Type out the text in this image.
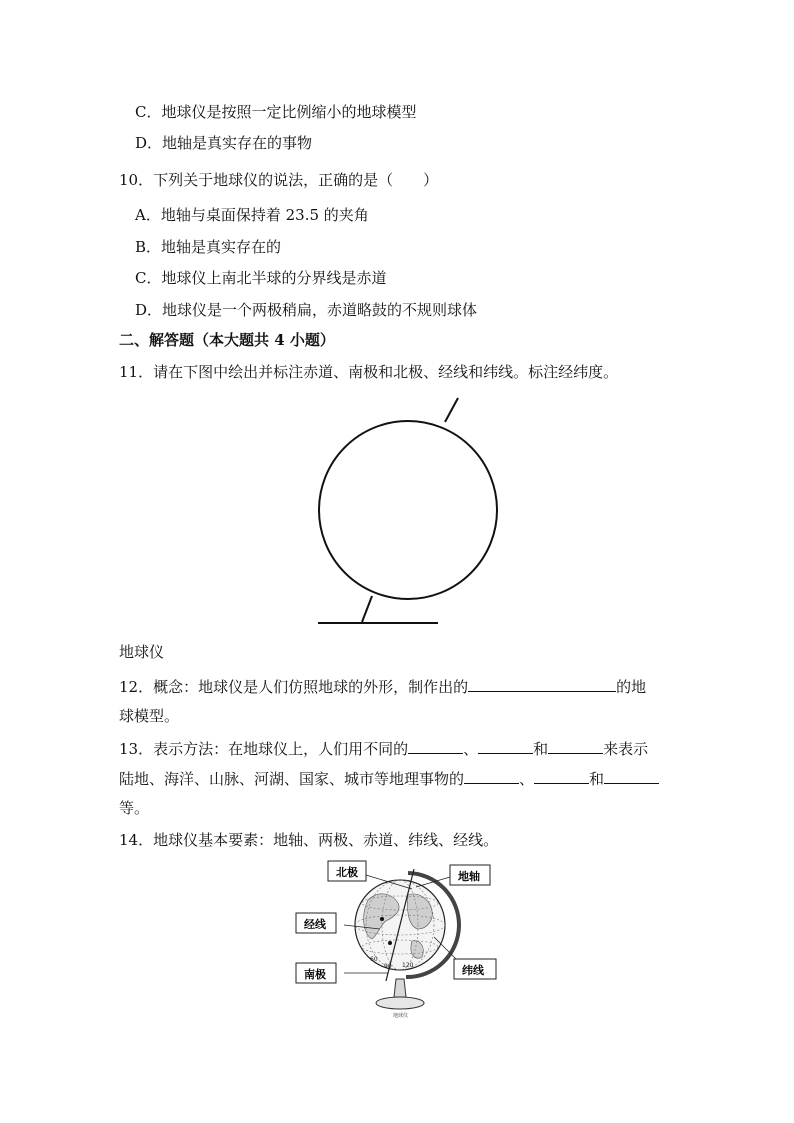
C．地球仪是按照一定比例缩小的地球模型
D．地轴是真实存在的事物
10．下列关于地球仪的说法，正确的是（　　）
A．地轴与桌面保持着 23.5 的夹角
B．地轴是真实存在的
C．地球仪上南北半球的分界线是赤道
D．地球仪是一个两极稍扁，赤道略鼓的不规则球体
二、解答题（本大题共 4 小题）
11．请在下图中绘出并标注赤道、南极和北极、经线和纬线。标注经纬度。
地球仪
12．概念：地球仪是人们仿照地球的外形，制作出的	的地
球模型。
13．表示方法：在地球仪上，人们用不同的	、	和	来表示
陆地、海洋、山脉、河湖、国家、城市等地理事物的	、	和
等。
14．地球仪基本要素：地轴、两极、赤道、纬线、经线。
60
90 120
北极	地轴
经线
南极	纬线
地球仪
